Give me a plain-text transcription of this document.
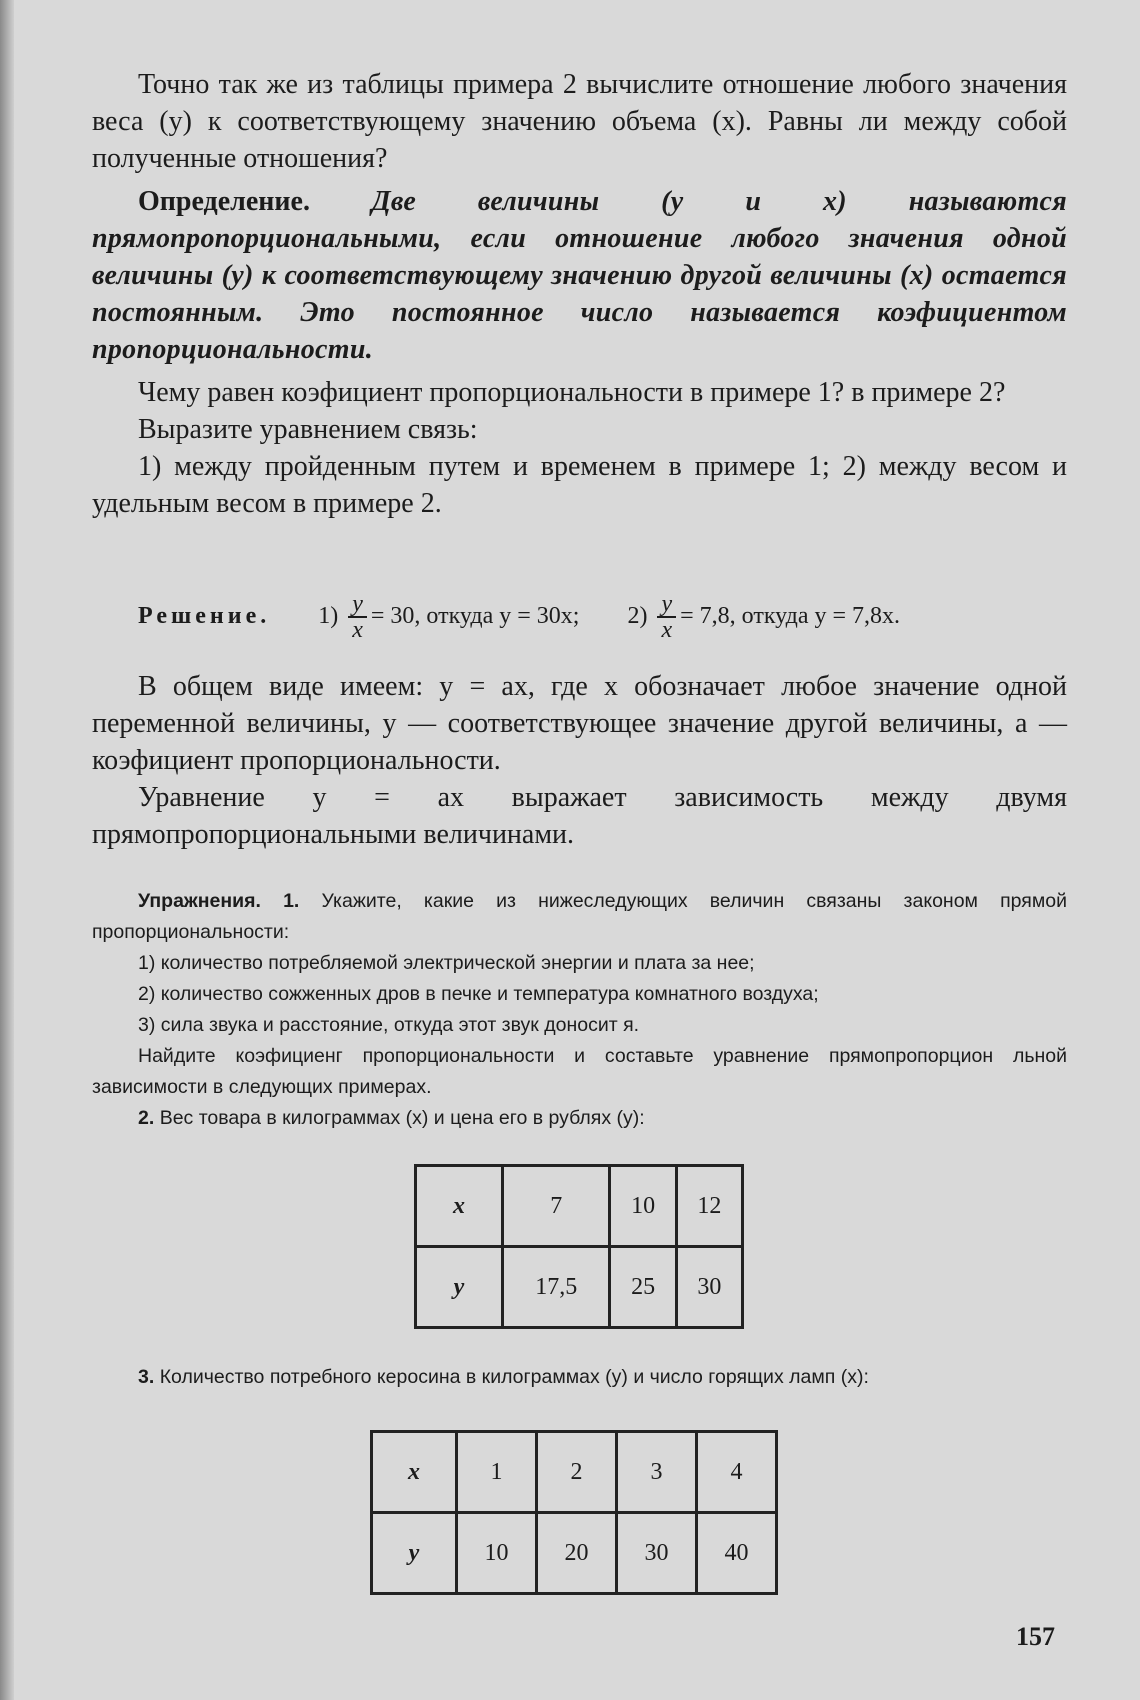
Точно так же из таблицы примера 2 вычислите отношение любого значения веса (y) к соответствующему значению объема (x). Равны ли между собой полученные отношения?

Определение. Две величины (y и x) называются прямопропорциональными, если отношение любого значения одной величины (y) к соответствующему значению другой величины (x) остается постоянным. Это постоянное число называется коэфициентом пропорциональности.

Чему равен коэфициент пропорциональности в примере 1? в примере 2?

Выразите уравнением связь:

1) между пройденным путем и временем в примере 1; 2) между весом и удельным весом в примере 2.

Решение. $1) \frac{y}{x} = 30$, откуда y = 30x; $2) \frac{y}{x} = 7,8$, откуда y = 7,8x.

В общем виде имеем: y = ax, где x обозначает любое значение одной переменной величины, y — соответствующее значение другой величины, a — коэфициент пропорциональности.

Уравнение y = ax выражает зависимость между двумя прямопропорциональными величинами.

Упражнения. 1. Укажите, какие из нижеследующих величин связаны законом прямой пропорциональности:

1) количество потребляемой электрической энергии и плата за нее;

2) количество сожженных дров в печке и температура комнатного воздуха;

3) сила звука и расстояние, откуда этот звук доносит я.

Найдите коэфициенг пропорциональности и составьте уравнение прямопропорцион льной зависимости в следующих примерах.

2. Вес товара в килограммах (x) и цена его в рублях (y):

x	7	10	12
y	17,5	25	30

3. Количество потребного керосина в килограммах (y) и число горящих ламп (x):

x	1	2	3	4
y	10	20	30	40
157
